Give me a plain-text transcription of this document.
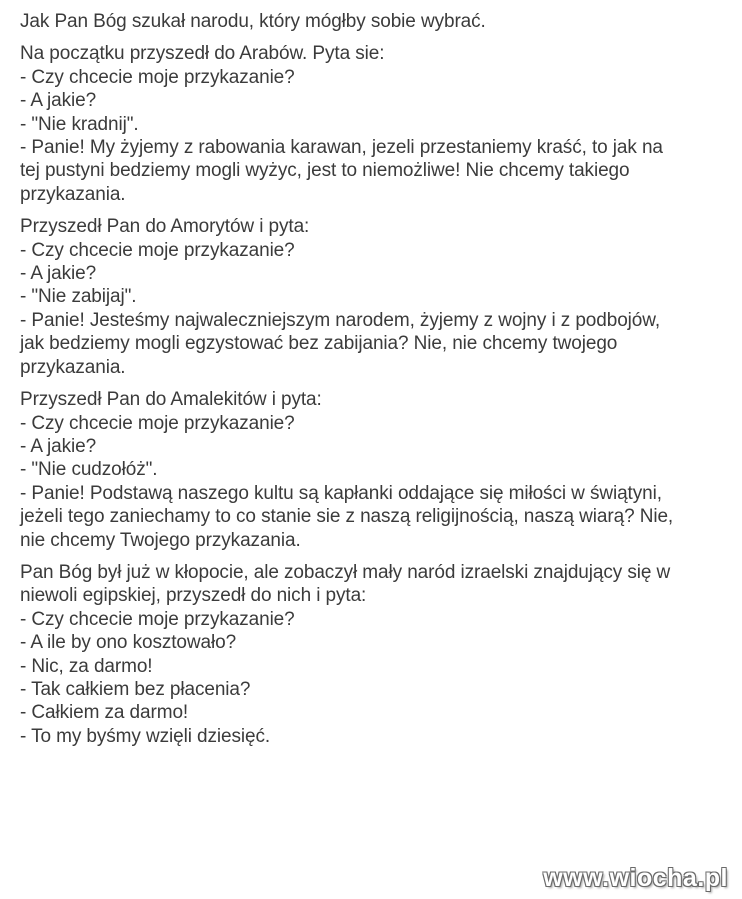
Jak Pan Bóg szukał narodu, który mógłby sobie wybrać.
Na początku przyszedł do Arabów. Pyta sie:
- Czy chcecie moje przykazanie?
- A jakie?
- "Nie kradnij".
- Panie! My żyjemy z rabowania karawan, jezeli przestaniemy kraść, to jak na
tej pustyni bedziemy mogli wyżyc, jest to niemożliwe! Nie chcemy takiego
przykazania.
Przyszedł Pan do Amorytów i pyta:
- Czy chcecie moje przykazanie?
- A jakie?
- "Nie zabijaj".
- Panie! Jesteśmy najwaleczniejszym narodem, żyjemy z wojny i z podbojów,
jak bedziemy mogli egzystować bez zabijania? Nie, nie chcemy twojego
przykazania.
Przyszedł Pan do Amalekitów i pyta:
- Czy chcecie moje przykazanie?
- A jakie?
- "Nie cudzołóż".
- Panie! Podstawą naszego kultu są kapłanki oddające się miłości w świątyni,
jeżeli tego zaniechamy to co stanie sie z naszą religijnością, naszą wiarą? Nie,
nie chcemy Twojego przykazania.
Pan Bóg był już w kłopocie, ale zobaczył mały naród izraelski znajdujący się w
niewoli egipskiej, przyszedł do nich i pyta:
- Czy chcecie moje przykazanie?
- A ile by ono kosztowało?
- Nic, za darmo!
- Tak całkiem bez płacenia?
- Całkiem za darmo!
- To my byśmy wzięli dziesięć.
www.wiocha.pl
